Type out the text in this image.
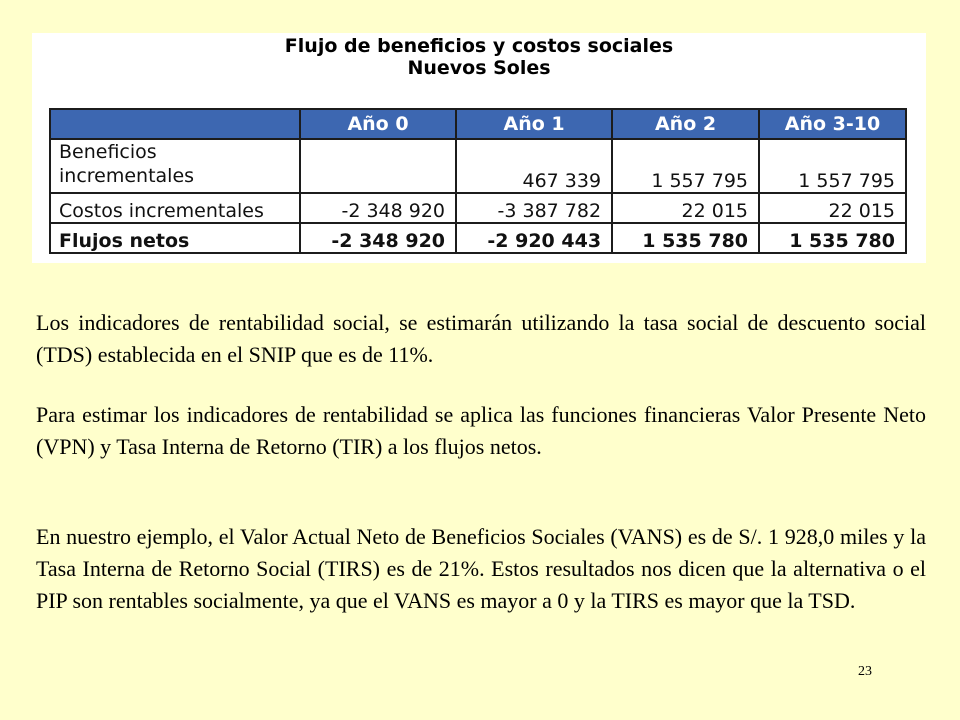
Flujo de beneficios y costos sociales
Nuevos Soles
	Año 0	Año 1	Año 2	Año 3-10
Beneficios incrementales		467 339	1 557 795	1 557 795
Costos incrementales	-2 348 920	-3 387 782	22 015	22 015
Flujos netos	-2 348 920	-2 920 443	1 535 780	1 535 780

Los indicadores de rentabilidad social, se estimarán utilizando la tasa social de descuento social (TDS) establecida en el SNIP que es de 11%.

Para estimar los indicadores de rentabilidad se aplica las funciones financieras Valor Presente Neto (VPN) y Tasa Interna de Retorno (TIR) a los flujos netos.

En nuestro ejemplo, el Valor Actual Neto de Beneficios Sociales (VANS) es de S/. 1 928,0 miles y la Tasa Interna de Retorno Social (TIRS) es de 21%. Estos resultados nos dicen que la alternativa o el PIP son rentables socialmente, ya que el VANS es mayor a 0 y la TIRS es mayor que la TSD.

23
